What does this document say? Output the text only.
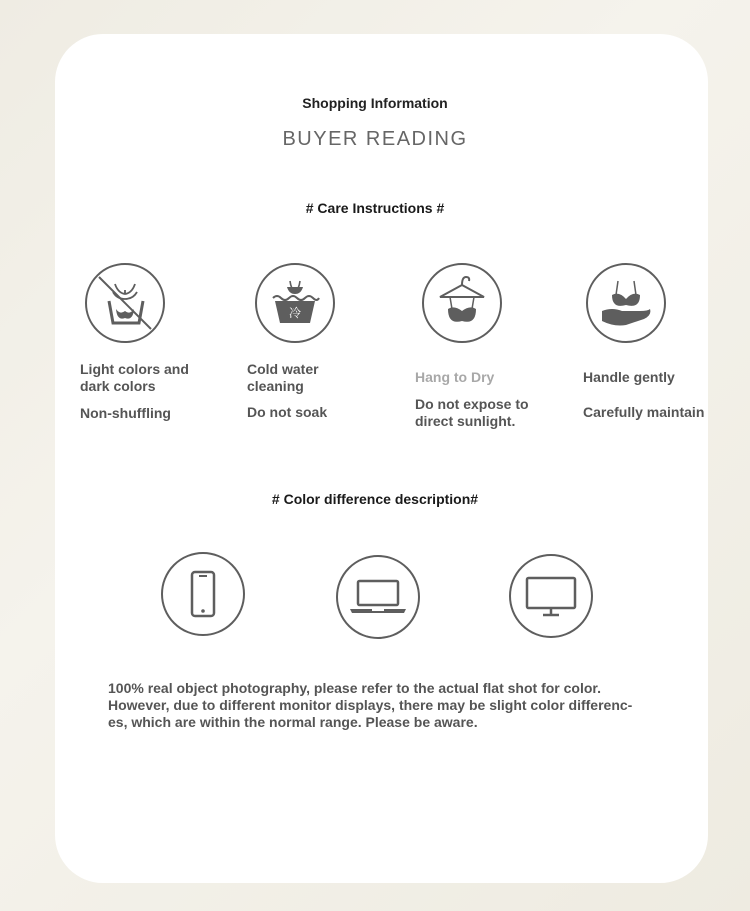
Shopping Information
BUYER READING
# Care Instructions #
冷
Light colors and
dark colors
Non-shuffling
Cold water
cleaning
Do not soak
Hang to Dry
Do not expose to
direct sunlight.
Handle gently
Carefully maintain
# Color difference description#
100% real object photography, please refer to the actual flat shot for color.
However, due to different monitor displays, there may be slight color differenc-
es, which are within the normal range. Please be aware.
